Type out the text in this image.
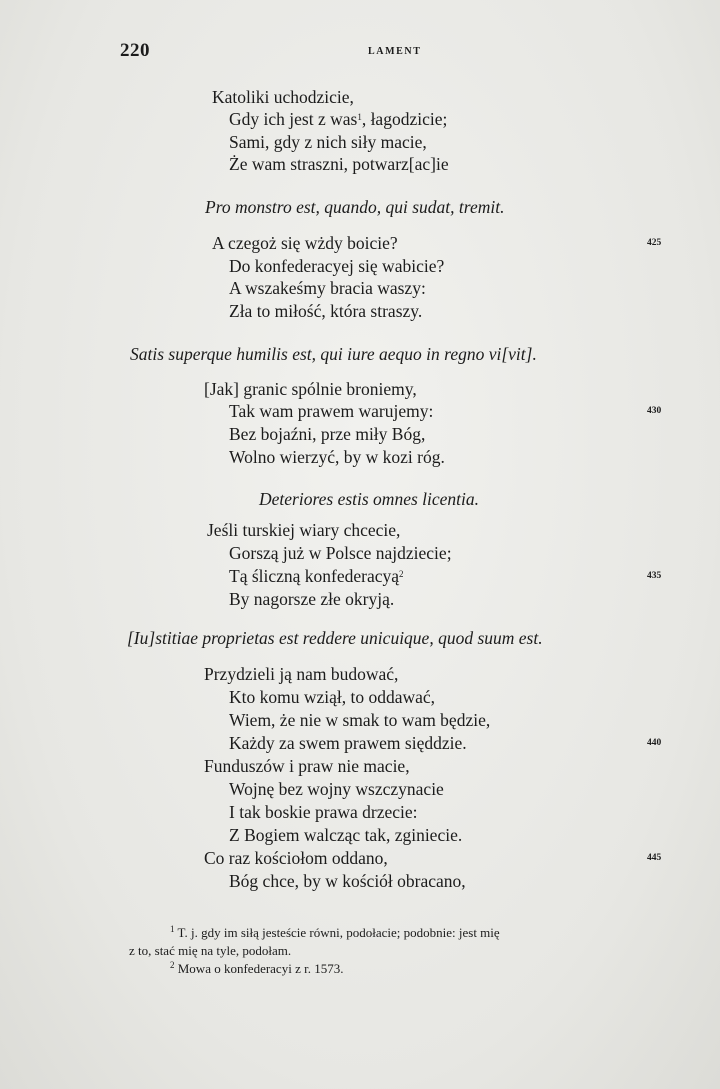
220	LAMENT
Katoliki uchodzicie,
Gdy ich jest z was$^1$, łagodzicie;
Sami, gdy z nich siły macie,
Że wam straszni, potwarz[ac]ie
Pro monstro est, quando, qui sudat, tremit.
A czegoż się wżdy boicie?	425
Do konfederacyej się wabicie?
A wszakeśmy bracia waszy:
Zła to miłość, która straszy.
Satis superque humilis est, qui iure aequo in regno vi[vit].
[Jak] granic spólnie broniemy,
Tak wam prawem warujemy:	430
Bez bojaźni, prze miły Bóg,
Wolno wierzyć, by w kozi róg.
Deteriores estis omnes licentia.
Jeśli turskiej wiary chcecie,
Gorszą już w Polsce najdziecie;
Tą śliczną konfederacyą$^2$	435
By nagorsze złe okryją.
[Iu]stitiae proprietas est reddere unicuique, quod suum est.
Przydzieli ją nam budować,
Kto komu wziął, to oddawać,
Wiem, że nie w smak to wam będzie,
Każdy za swem prawem sięddzie.	440
Funduszów i praw nie macie,
Wojnę bez wojny wszczynacie
I tak boskie prawa drzecie:
Z Bogiem walcząc tak, zginiecie.
Co raz kościołom oddano,	445
Bóg chce, by w kościół obracano,
$^1$ T. j. gdy im siłą jesteście równi, podołacie; podobnie: jest mię
z to, stać mię na tyle, podołam.
$^2$ Mowa o konfederacyi z r. 1573.
